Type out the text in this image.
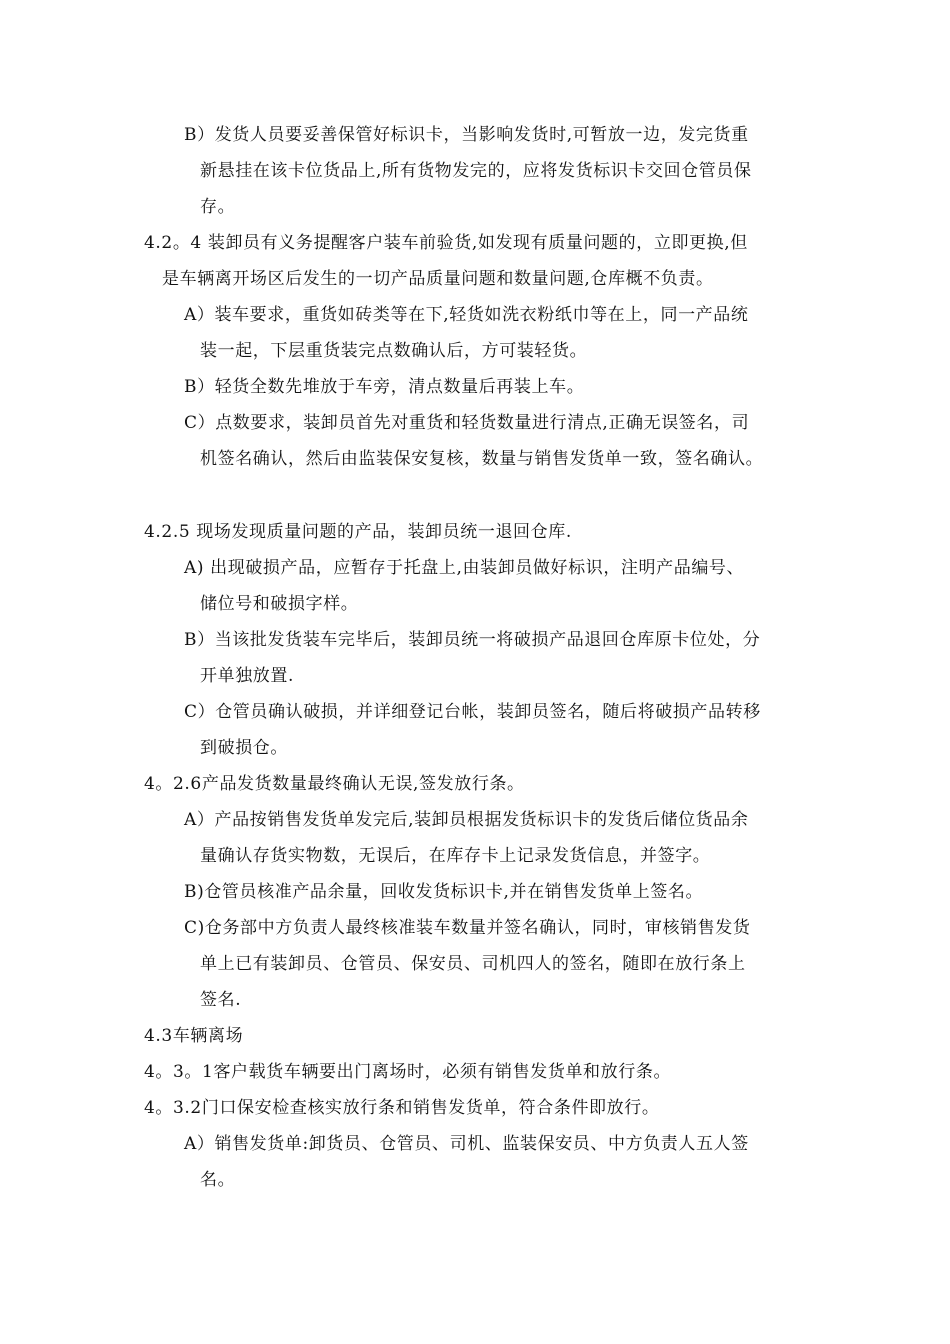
B）发货人员要妥善保管好标识卡，当影响发货时,可暂放一边，发完货重
新悬挂在该卡位货品上,所有货物发完的，应将发货标识卡交回仓管员保
存。
4.2。4 装卸员有义务提醒客户装车前验货,如发现有质量问题的，立即更换,但
是车辆离开场区后发生的一切产品质量问题和数量问题,仓库概不负责。
A）装车要求，重货如砖类等在下,轻货如洗衣粉纸巾等在上，同一产品统
装一起，下层重货装完点数确认后，方可装轻货。
B）轻货全数先堆放于车旁，清点数量后再装上车。
C）点数要求，装卸员首先对重货和轻货数量进行清点,正确无误签名，司
机签名确认，然后由监装保安复核，数量与销售发货单一致，签名确认。
4.2.5 现场发现质量问题的产品，装卸员统一退回仓库.
A) 出现破损产品，应暂存于托盘上,由装卸员做好标识，注明产品编号、
储位号和破损字样。
B）当该批发货装车完毕后，装卸员统一将破损产品退回仓库原卡位处，分
开单独放置.
C）仓管员确认破损，并详细登记台帐，装卸员签名，随后将破损产品转移
到破损仓。
4。2.6产品发货数量最终确认无误,签发放行条。
A）产品按销售发货单发完后,装卸员根据发货标识卡的发货后储位货品余
量确认存货实物数，无误后，在库存卡上记录发货信息，并签字。
B)仓管员核准产品余量，回收发货标识卡,并在销售发货单上签名。
C)仓务部中方负责人最终核准装车数量并签名确认，同时，审核销售发货
单上已有装卸员、仓管员、保安员、司机四人的签名，随即在放行条上
签名.
4.3车辆离场
4。3。1客户载货车辆要出门离场时，必须有销售发货单和放行条。
4。3.2门口保安检查核实放行条和销售发货单，符合条件即放行。
A）销售发货单:卸货员、仓管员、司机、监装保安员、中方负责人五人签
名。
